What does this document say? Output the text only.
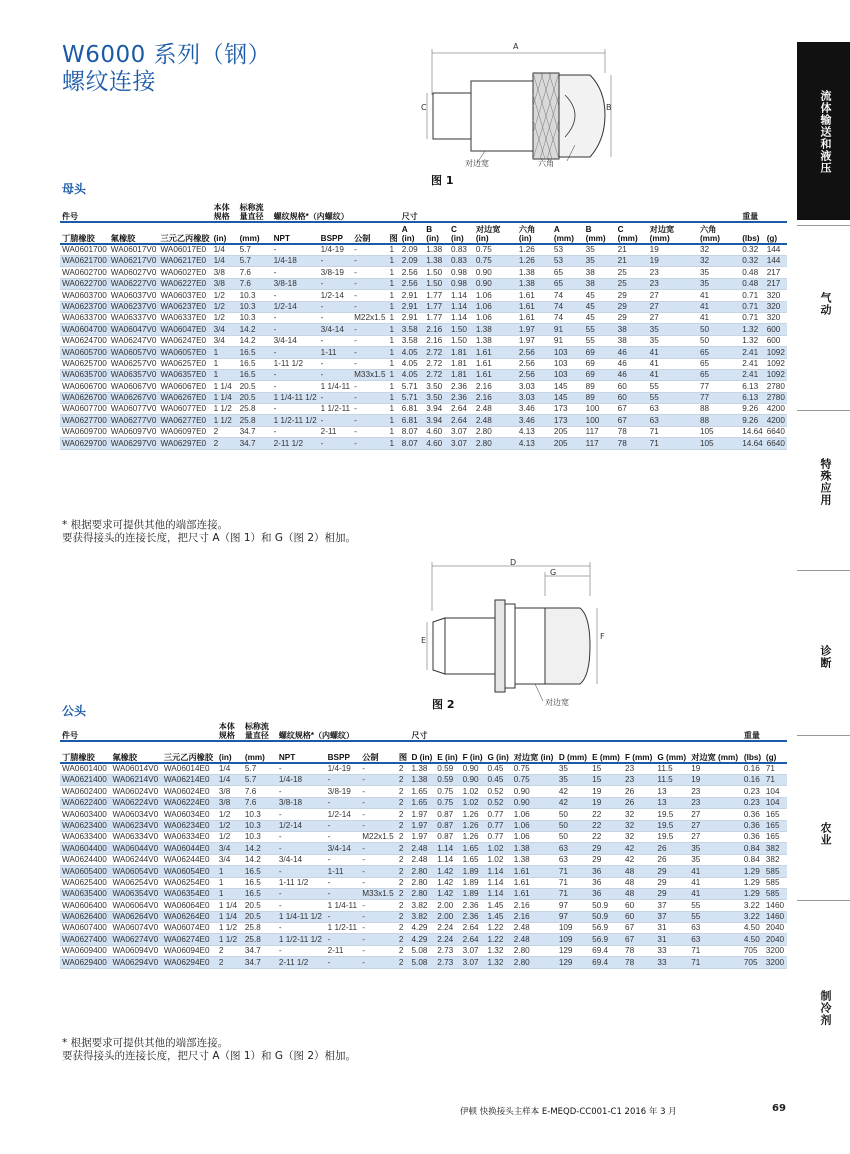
W6000 系列（钢）
螺纹连接
A
B
C
对边宽	六角
图 1
D
G
E	F
对边宽
图 2
母头
件号			本体规格	标称流量直径	螺纹规格*（内螺纹）				尺寸										重量	
丁腈橡胶	氟橡胶	三元乙丙橡胶	(in)	(mm)	NPT	BSPP	公制	图	A (in)	B (in)	C (in)	对边宽 (in)	六角 (in)	A (mm)	B (mm)	C (mm)	对边宽 (mm)	六角 (mm)	(lbs)	(g)
WA0601700	WA06017V0	WA06017E0	1/4	5.7	-	1/4-19	-	1	2.09	1.38	0.83	0.75	1.26	53	35	21	19	32	0.32	144
WA0621700	WA06217V0	WA06217E0	1/4	5.7	1/4-18	-	-	1	2.09	1.38	0.83	0.75	1.26	53	35	21	19	32	0.32	144
WA0602700	WA06027V0	WA06027E0	3/8	7.6	-	3/8-19	-	1	2.56	1.50	0.98	0.90	1.38	65	38	25	23	35	0.48	217
WA0622700	WA06227V0	WA06227E0	3/8	7.6	3/8-18	-	-	1	2.56	1.50	0.98	0.90	1.38	65	38	25	23	35	0.48	217
WA0603700	WA06037V0	WA06037E0	1/2	10.3	-	1/2-14	-	1	2.91	1.77	1.14	1.06	1.61	74	45	29	27	41	0.71	320
WA0623700	WA06237V0	WA06237E0	1/2	10.3	1/2-14	-	-	1	2.91	1.77	1.14	1.06	1.61	74	45	29	27	41	0.71	320
WA0633700	WA06337V0	WA06337E0	1/2	10.3	-	-	M22x1.5	1	2.91	1.77	1.14	1.06	1.61	74	45	29	27	41	0.71	320
WA0604700	WA06047V0	WA06047E0	3/4	14.2	-	3/4-14	-	1	3.58	2.16	1.50	1.38	1.97	91	55	38	35	50	1.32	600
WA0624700	WA06247V0	WA06247E0	3/4	14.2	3/4-14	-	-	1	3.58	2.16	1.50	1.38	1.97	91	55	38	35	50	1.32	600
WA0605700	WA06057V0	WA06057E0	1	16.5	-	1-11	-	1	4.05	2.72	1.81	1.61	2.56	103	69	46	41	65	2.41	1092
WA0625700	WA06257V0	WA06257E0	1	16.5	1-11 1/2	-	-	1	4.05	2.72	1.81	1.61	2.56	103	69	46	41	65	2.41	1092
WA0635700	WA06357V0	WA06357E0	1	16.5	-	-	M33x1.5	1	4.05	2.72	1.81	1.61	2.56	103	69	46	41	65	2.41	1092
WA0606700	WA06067V0	WA06067E0	1 1/4	20.5	-	1 1/4-11	-	1	5.71	3.50	2.36	2.16	3.03	145	89	60	55	77	6.13	2780
WA0626700	WA06267V0	WA06267E0	1 1/4	20.5	1 1/4-11 1/2	-	-	1	5.71	3.50	2.36	2.16	3.03	145	89	60	55	77	6.13	2780
WA0607700	WA06077V0	WA06077E0	1 1/2	25.8	-	1 1/2-11	-	1	6.81	3.94	2.64	2.48	3.46	173	100	67	63	88	9.26	4200
WA0627700	WA06277V0	WA06277E0	1 1/2	25.8	1 1/2-11 1/2	-	-	1	6.81	3.94	2.64	2.48	3.46	173	100	67	63	88	9.26	4200
WA0609700	WA06097V0	WA06097E0	2	34.7	-	2-11	-	1	8.07	4.60	3.07	2.80	4.13	205	117	78	71	105	14.64	6640
WA0629700	WA06297V0	WA06297E0	2	34.7	2-11 1/2	-	-	1	8.07	4.60	3.07	2.80	4.13	205	117	78	71	105	14.64	6640
* 根据要求可提供其他的端部连接。
要获得接头的连接长度，把尺寸 A（图 1）和 G（图 2）相加。
公头
件号			本体规格	标称流量直径	螺纹规格*（内螺纹）				尺寸										重量	
丁腈橡胶	氟橡胶	三元乙丙橡胶	(in)	(mm)	NPT	BSPP	公制	图	D (in)	E (in)	F (in)	G (in)	对边宽 (in)	D (mm)	E (mm)	F (mm)	G (mm)	对边宽 (mm)	(lbs)	(g)
WA0601400	WA06014V0	WA06014E0	1/4	5.7	-	1/4-19	-	2	1.38	0.59	0.90	0.45	0.75	35	15	23	11.5	19	0.16	71
WA0621400	WA06214V0	WA06214E0	1/4	5.7	1/4-18	-	-	2	1.38	0.59	0.90	0.45	0.75	35	15	23	11.5	19	0.16	71
WA0602400	WA06024V0	WA06024E0	3/8	7.6	-	3/8-19	-	2	1.65	0.75	1.02	0.52	0.90	42	19	26	13	23	0.23	104
WA0622400	WA06224V0	WA06224E0	3/8	7.6	3/8-18	-	-	2	1.65	0.75	1.02	0.52	0.90	42	19	26	13	23	0.23	104
WA0603400	WA06034V0	WA06034E0	1/2	10.3	-	1/2-14	-	2	1.97	0.87	1.26	0.77	1.06	50	22	32	19.5	27	0.36	165
WA0623400	WA06234V0	WA06234E0	1/2	10.3	1/2-14	-	-	2	1.97	0.87	1.26	0.77	1.06	50	22	32	19.5	27	0.36	165
WA0633400	WA06334V0	WA06334E0	1/2	10.3	-	-	M22x1.5	2	1.97	0.87	1.26	0.77	1.06	50	22	32	19.5	27	0.36	165
WA0604400	WA06044V0	WA06044E0	3/4	14.2	-	3/4-14	-	2	2.48	1.14	1.65	1.02	1.38	63	29	42	26	35	0.84	382
WA0624400	WA06244V0	WA06244E0	3/4	14.2	3/4-14	-	-	2	2.48	1.14	1.65	1.02	1.38	63	29	42	26	35	0.84	382
WA0605400	WA06054V0	WA06054E0	1	16.5	-	1-11	-	2	2.80	1.42	1.89	1.14	1.61	71	36	48	29	41	1.29	585
WA0625400	WA06254V0	WA06254E0	1	16.5	1-11 1/2	-	-	2	2.80	1.42	1.89	1.14	1.61	71	36	48	29	41	1.29	585
WA0635400	WA06354V0	WA06354E0	1	16.5	-	-	M33x1.5	2	2.80	1.42	1.89	1.14	1.61	71	36	48	29	41	1.29	585
WA0606400	WA06064V0	WA06064E0	1 1/4	20.5	-	1 1/4-11	-	2	3.82	2.00	2.36	1.45	2.16	97	50.9	60	37	55	3.22	1460
WA0626400	WA06264V0	WA06264E0	1 1/4	20.5	1 1/4-11 1/2	-	-	2	3.82	2.00	2.36	1.45	2.16	97	50.9	60	37	55	3.22	1460
WA0607400	WA06074V0	WA06074E0	1 1/2	25.8	-	1 1/2-11	-	2	4.29	2.24	2.64	1.22	2.48	109	56.9	67	31	63	4.50	2040
WA0627400	WA06274V0	WA06274E0	1 1/2	25.8	1 1/2-11 1/2	-	-	2	4.29	2.24	2.64	1.22	2.48	109	56.9	67	31	63	4.50	2040
WA0609400	WA06094V0	WA06094E0	2	34.7	-	2-11	-	2	5.08	2.73	3.07	1.32	2.80	129	69.4	78	33	71	705	3200
WA0629400	WA06294V0	WA06294E0	2	34.7	2-11 1/2	-	-	2	5.08	2.73	3.07	1.32	2.80	129	69.4	78	33	71	705	3200
* 根据要求可提供其他的端部连接。
要获得接头的连接长度，把尺寸 A（图 1）和 G（图 2）相加。
流体输送和液压
气动
特殊应用
诊断
农业
制冷剂
伊顿 快换接头主样本 E-MEQD-CC001-C1 2016 年 3 月	69
